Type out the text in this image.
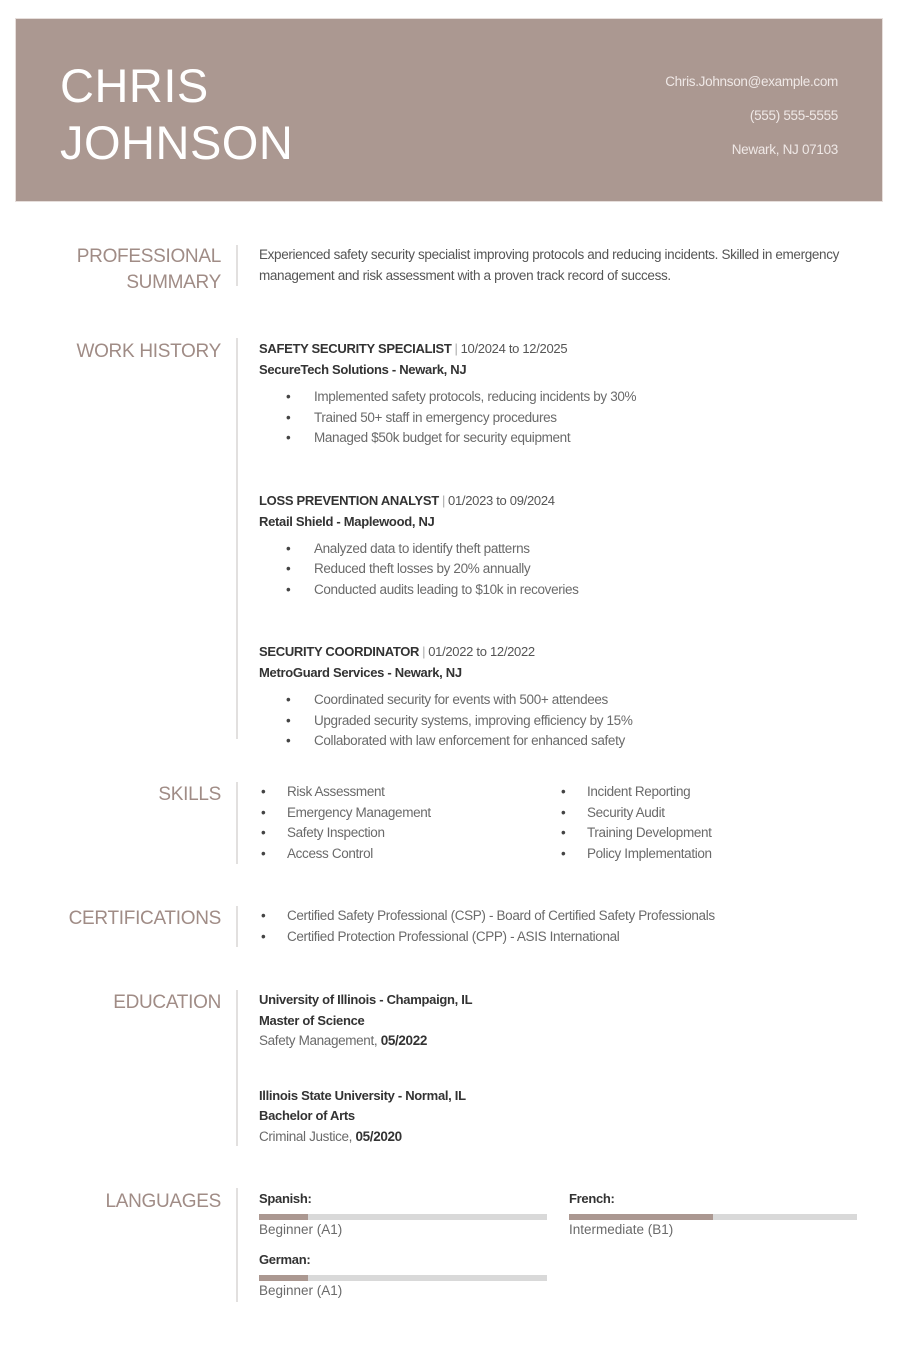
CHRIS
JOHNSON
Chris.Johnson@example.com
(555) 555-5555
Newark, NJ 07103
PROFESSIONAL
SUMMARY
Experienced safety security specialist improving protocols and reducing incidents. Skilled in emergency management and risk assessment with a proven track record of success.
WORK HISTORY	SAFETY SECURITY SPECIALIST | 10/2024 to 12/2025
SecureTech Solutions - Newark, NJ
• Implemented safety protocols, reducing incidents by 30%
• Trained 50+ staff in emergency procedures
• Managed $50k budget for security equipment
LOSS PREVENTION ANALYST | 01/2023 to 09/2024
Retail Shield - Maplewood, NJ
• Analyzed data to identify theft patterns
• Reduced theft losses by 20% annually
• Conducted audits leading to $10k in recoveries
SECURITY COORDINATOR | 01/2022 to 12/2022
MetroGuard Services - Newark, NJ
• Coordinated security for events with 500+ attendees
• Upgraded security systems, improving efficiency by 15%
• Collaborated with law enforcement for enhanced safety
SKILLS	• Risk Assessment
• Emergency Management
• Safety Inspection
• Access Control
• Incident Reporting
• Security Audit
• Training Development
• Policy Implementation
CERTIFICATIONS	• Certified Safety Professional (CSP) - Board of Certified Safety Professionals
• Certified Protection Professional (CPP) - ASIS International
EDUCATION	University of Illinois - Champaign, IL
Master of Science
Safety Management, 05/2022
Illinois State University - Normal, IL
Bachelor of Arts
Criminal Justice, 05/2020
LANGUAGES	Spanish:
Beginner (A1)
French:
Intermediate (B1)
German:
Beginner (A1)
